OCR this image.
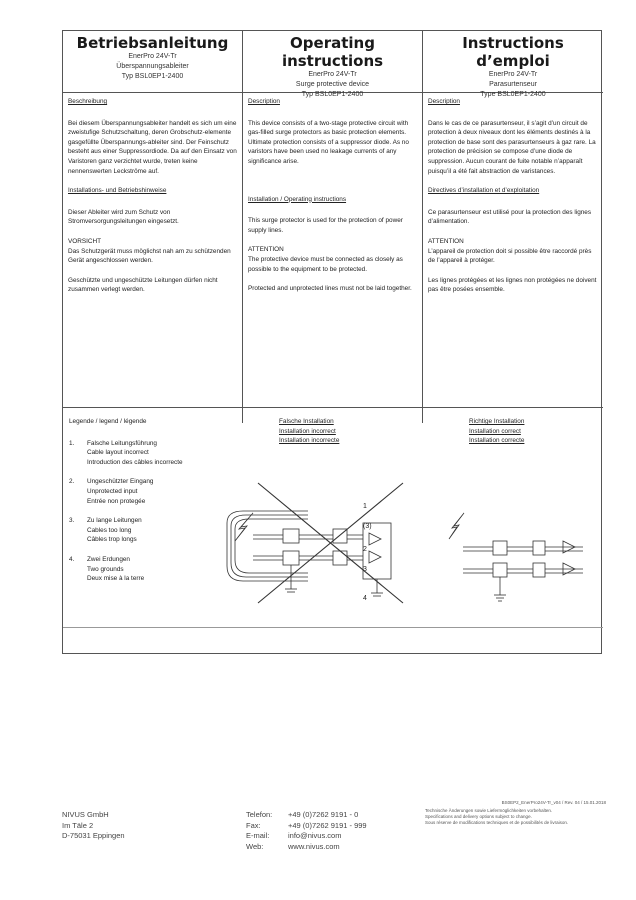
Betriebsanleitung
EnerPro 24V-Tr
Überspannungsableiter
Typ BSL0EP1-2400
Operating instructions
EnerPro 24V-Tr
Surge protective device
Typ BSL0EP1-2400
Instructions d’emploi
EnerPro 24V-Tr
Parasurtenseur
Type BSL0EP1-2400
Beschreibung
Bei diesem Überspannungsableiter handelt es sich um eine zweistufige Schutzschaltung, deren Grobschutz-elemente gasgefüllte Überspannungs-ableiter sind. Der Feinschutz besteht aus einer Suppressordiode. Da auf den Einsatz von Varistoren ganz verzichtet wurde, treten keine nennenswerten Leckströme auf.
Installations- und Betriebshinweise
Dieser Ableiter wird zum Schutz von Stromversorgungsleitungen eingesetzt.
VORSICHT
Das Schutzgerät muss möglichst nah am zu schützenden Gerät angeschlossen werden.
Geschützte und ungeschützte Leitungen dürfen nicht zusammen verlegt werden.
Description
This device consists of a two-stage protective circuit with gas-filled surge protectors as basic protection elements. Ultimate protection consists of a suppressor diode. As no varistors have been used no leakage currents of any significance arise.
Installation / Operating instructions
This surge protector is used for the protection of power supply lines.
ATTENTION
The protective device must be connected as closely as possible to the equipment to be protected.
Protected and unprotected lines must not be laid together.
Description
Dans le cas de ce parasurtenseur, il s’agit d’un circuit de protection à deux niveaux dont les éléments destinés à la protection de base sont des parasurtenseurs à gaz rare. La protection de précision se compose d’une diode de suppression. Aucun courant de fuite notable n’apparaît puisqu’il a été fait abstraction de varistances.
Directives d’installation et d’exploitation
Ce parasurtenseur est utilisé pour la protection des lignes d’alimentation.
ATTENTION
L’appareil de protection doit si possible être raccordé près de l’appareil à protéger.
Les lignes protégées et les lignes non protégées ne doivent pas être posées ensemble.
Legende / legend / légende
1. Falsche Leitungsführung
Cable layout incorrect
Introduction des câbles incorrecte
2. Ungeschützter Eingang
Unprotected input
Entrée non protegée
3. Zu lange Leitungen
Cables too long
Câbles trop longs
4. Zwei Erdungen
Two grounds
Deux mise à la terre
Falsche Installation
Installation incorrect
Installation incorrecte
Richtige Installation
Installation correct
Installation correcte
1
(3)
2
3
4
BS0EP2_EnerPro24V-Tr_v04 / Rev. 04 / 15.01.2018
Technische Änderungen sowie Liefermöglichkeiten vorbehalten.
Specifications and delivery options subject to change.
Sous réserve de modifications techniques et de possibilités de livraison.
NIVUS GmbH
Im Täle 2
D-75031 Eppingen
Telefon:
Fax:
E-mail:
Web:
+49 (0)7262 9191 - 0
+49 (0)7262 9191 - 999
info@nivus.com
www.nivus.com
